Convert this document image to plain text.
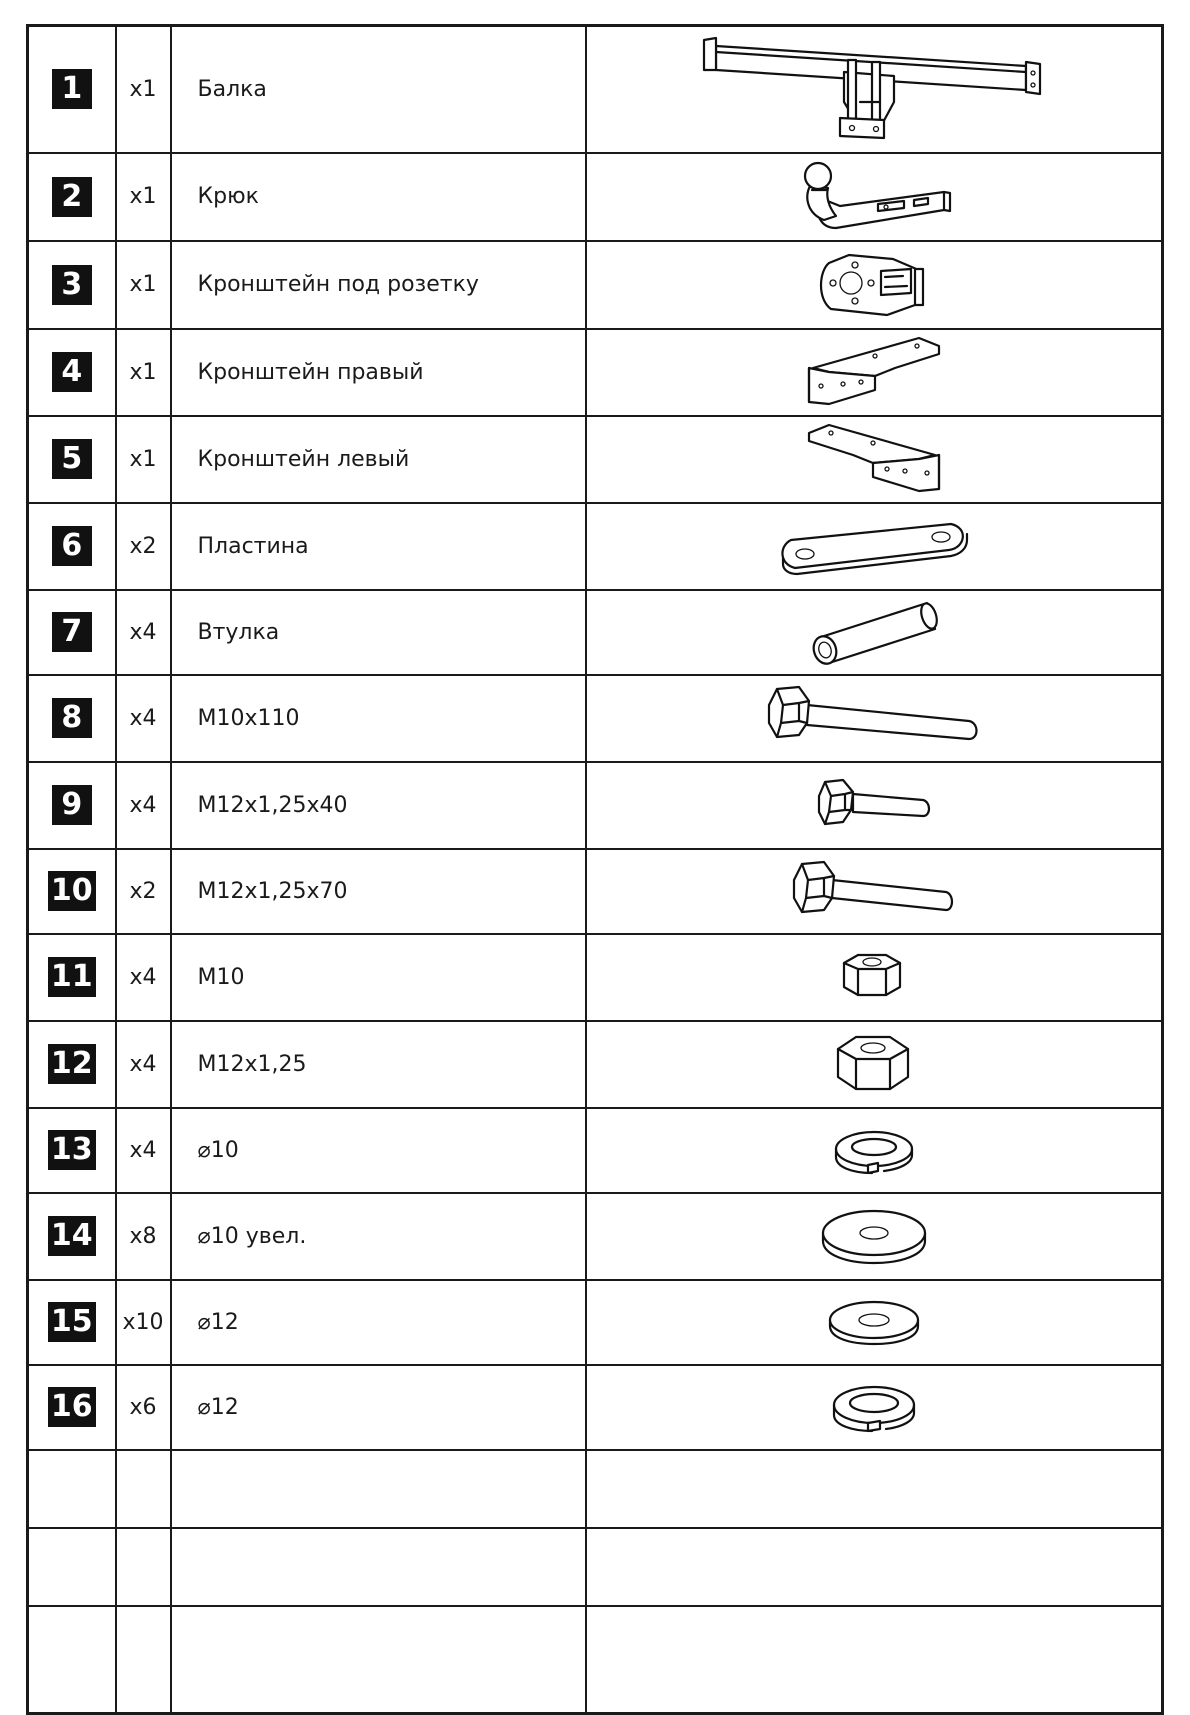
1	x1	Балка	

2	x1	Крюк	

3	x1	Кронштейн под розетку	

4	x1	Кронштейн правый	

5	x1	Кронштейн левый	

6	x2	Пластина	

7	x4	Втулка	

8	x4	M10x110	

9	x4	M12x1,25x40	

10	x2	M12x1,25x70	

11	x4	M10	

12	x4	M12x1,25	

13	x4	⌀10	

14	x8	⌀10 увел.	

15	x10	⌀12	

16	x6	⌀12	
